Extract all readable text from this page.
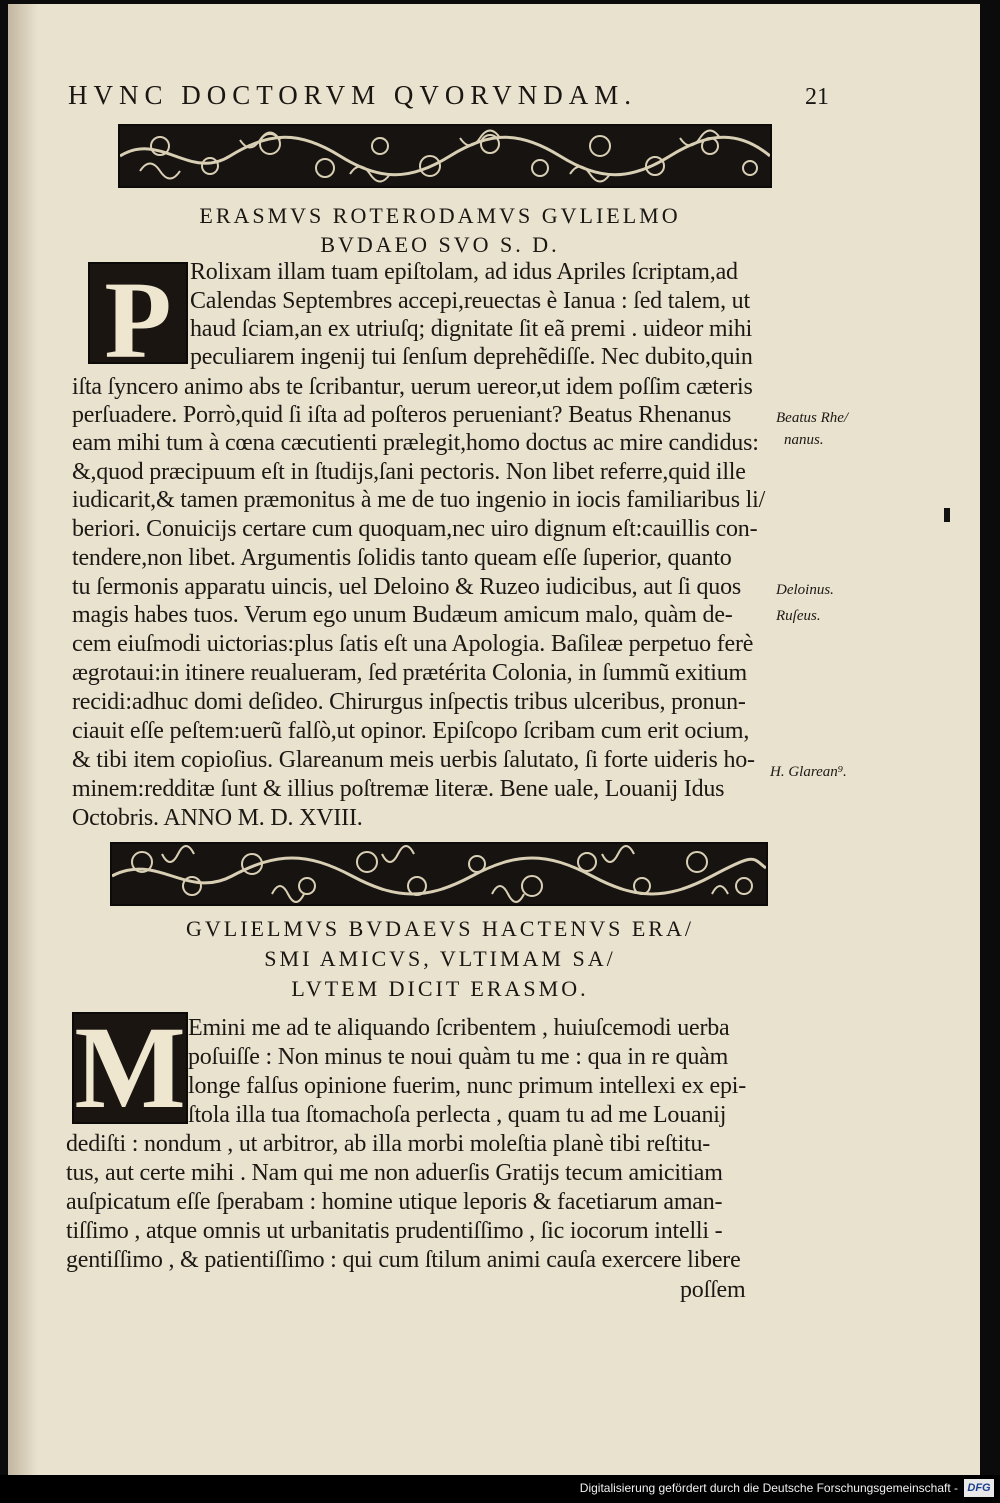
HVNC DOCTORVM QVORVNDAM.	21
ERASMVS ROTERODAMVS GVLIELMO
BVDAEO SVO S. D.
P Rolixam illam tuam epiſtolam, ad idus Apriles ſcriptam,ad
Calendas Septembres accepi,reuectas è Ianua : ſed talem, ut
haud ſciam,an ex utriuſq; dignitate ſit eã premi . uideor mihi
peculiarem ingenij tui ſenſum deprehẽdiſſe. Nec dubito,quin
iſta ſyncero animo abs te ſcribantur, uerum uereor,ut idem poſſim cæteris
perſuadere. Porrò,quid ſi iſta ad poſteros perueniant? Beatus Rhenanus
eam mihi tum à cœna cæcutienti prælegit,homo doctus ac mire candidus:
&,quod præcipuum eſt in ſtudijs,ſani pectoris. Non libet referre,quid ille
iudicarit,& tamen præmonitus à me de tuo ingenio in iocis familiaribus li/
beriori. Conuicijs certare cum quoquam,nec uiro dignum eſt:cauillis con-
tendere,non libet. Argumentis ſolidis tanto queam eſſe ſuperior, quanto
tu ſermonis apparatu uincis, uel Deloino & Ruzeo iudicibus, aut ſi quos
magis habes tuos. Verum ego unum Budæum amicum malo, quàm de-
cem eiuſmodi uictorias:plus ſatis eſt una Apologia. Baſileæ perpetuo ferè
ægrotaui:in itinere reualueram, ſed prætérita Colonia, in ſummũ exitium
recidi:adhuc domi deſideo. Chirurgus inſpectis tribus ulceribus, pronun-
ciauit eſſe peſtem:uerũ falſò,ut opinor. Epiſcopo ſcribam cum erit ocium,
& tibi item copioſius. Glareanum meis uerbis ſalutato, ſi forte uideris ho-
minem:redditæ ſunt & illius poſtremæ literæ. Bene uale, Louanij Idus
Octobris. ANNO M. D. XVIII.
Beatus Rhe/
nanus.
Deloinus.
Ruſeus.
H. Glarean⁹.
GVLIELMVS BVDAEVS HACTENVS ERA/
SMI AMICVS, VLTIMAM SA/
LVTEM DICIT ERASMO.
M Emini me ad te aliquando ſcribentem , huiuſcemodi uerba
poſuiſſe : Non minus te noui quàm tu me : qua in re quàm
longe falſus opinione fuerim, nunc primum intellexi ex epi-
ſtola illa tua ſtomachoſa perlecta , quam tu ad me Louanij
dediſti : nondum , ut arbitror, ab illa morbi moleſtia planè tibi reſtitu-
tus, aut certe mihi . Nam qui me non aduerſis Gratijs tecum amicitiam
auſpicatum eſſe ſperabam : homine utique leporis & facetiarum aman-
tiſſimo , atque omnis ut urbanitatis prudentiſſimo , ſic iocorum intelli -
gentiſſimo , & patientiſſimo : qui cum ſtilum animi cauſa exercere libere
poſſem
Digitalisierung gefördert durch die Deutsche Forschungsgemeinschaft - DFG
